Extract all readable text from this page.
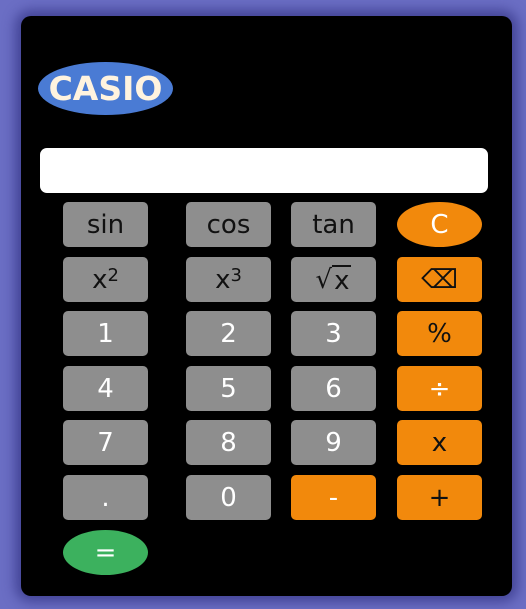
CASIO
sin	cos	tan	C
$x^2$	$x^3$	√ x	⌫
1	2	3	%
4	5	6	÷
7	8	9	x
.	0	-	+
=
